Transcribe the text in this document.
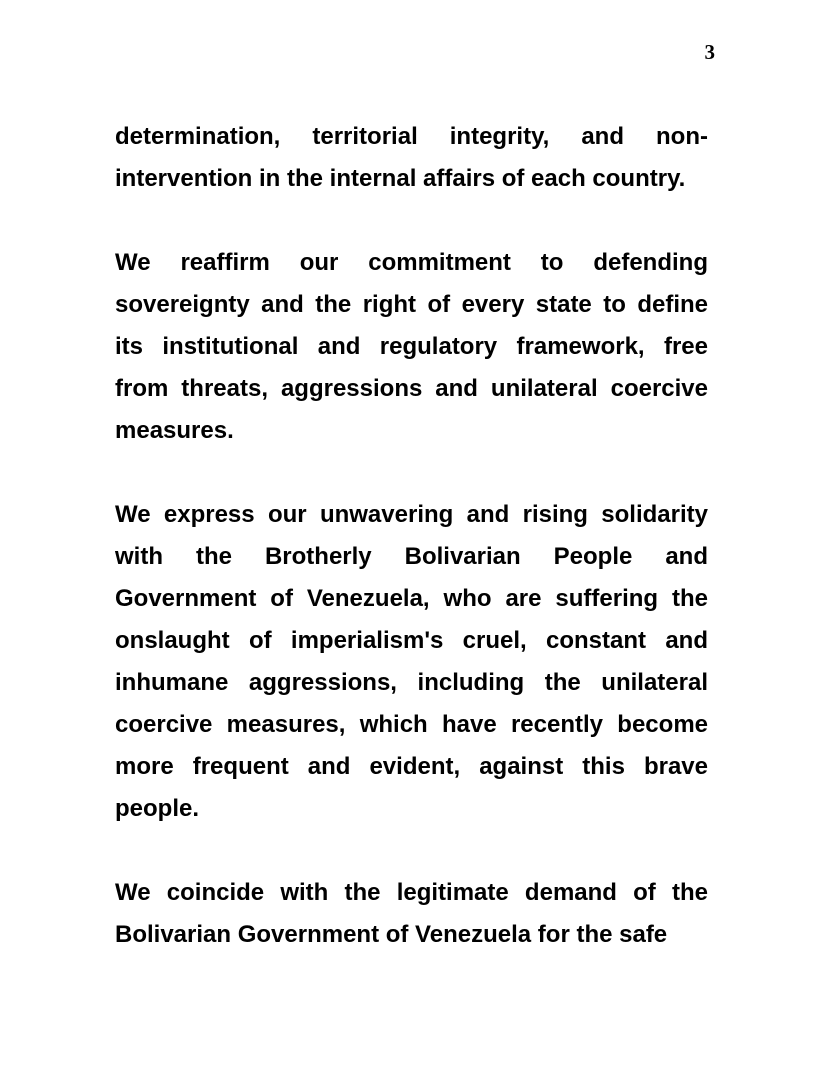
3
determination, territorial integrity, and non-
intervention in the internal affairs of each country.
We reaffirm our commitment to defending
sovereignty and the right of every state to define
its institutional and regulatory framework, free
from threats, aggressions and unilateral coercive
measures.
We express our unwavering and rising solidarity
with the Brotherly Bolivarian People and
Government of Venezuela, who are suffering the
onslaught of imperialism's cruel, constant and
inhumane aggressions, including the unilateral
coercive measures, which have recently become
more frequent and evident, against this brave
people.
We coincide with the legitimate demand of the
Bolivarian Government of Venezuela for the safe
